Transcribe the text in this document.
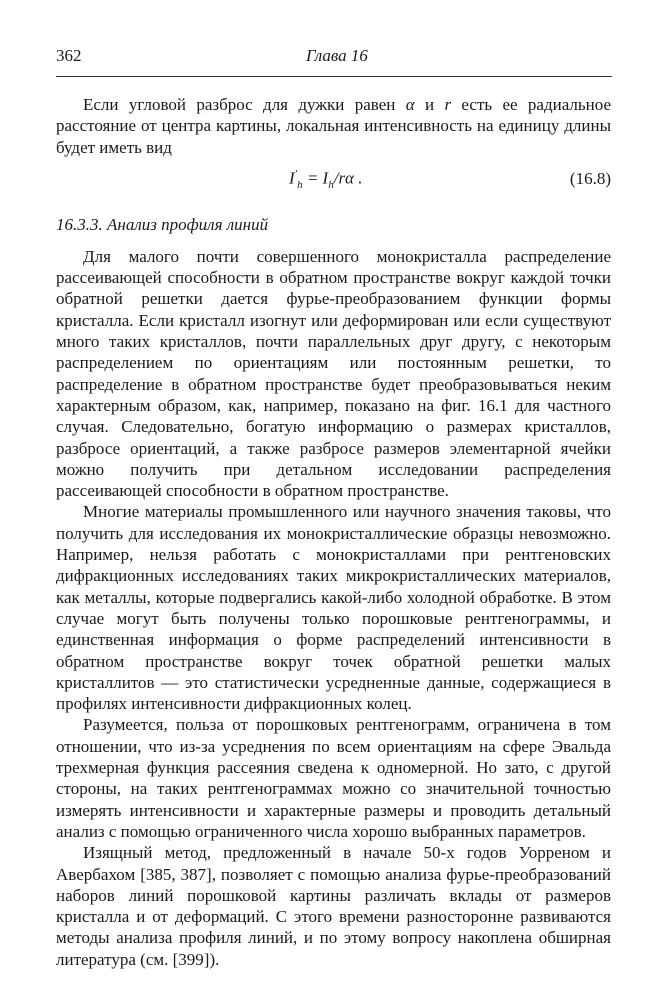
362	Глава 16

Если угловой разброс для дужки равен α и r есть ее радиальное расстояние от центра картины, локальная интенсивность на единицу длины будет иметь вид

$I'_h = I_h/r\alpha$ .	(16.8)
16.3.3. Анализ профиля линий

Для малого почти совершенного монокристалла распределение рассеивающей способности в обратном пространстве вокруг каждой точки обратной решетки дается фурье-преобразованием функции формы кристалла. Если кристалл изогнут или деформирован или если существуют много таких кристаллов, почти параллельных друг другу, с некоторым распределением по ориентациям или постоянным решетки, то распределение в обратном пространстве будет преобразовываться неким характерным образом, как, например, показано на фиг. 16.1 для частного случая. Следовательно, богатую информацию о размерах кристаллов, разбросе ориентаций, а также разбросе размеров элементарной ячейки можно получить при детальном исследовании распределения рассеивающей способности в обратном пространстве.

Многие материалы промышленного или научного значения таковы, что получить для исследования их монокристаллические образцы невозможно. Например, нельзя работать с монокристаллами при рентгеновских дифракционных исследованиях таких микрокристаллических материалов, как металлы, которые подвергались какой-либо холодной обработке. В этом случае могут быть получены только порошковые рентгенограммы, и единственная информация о форме распределений интенсивности в обратном пространстве вокруг точек обратной решетки малых кристаллитов — это статистически усредненные данные, содержащиеся в профилях интенсивности дифракционных колец.

Разумеется, польза от порошковых рентгенограмм, ограничена в том отношении, что из-за усреднения по всем ориентациям на сфере Эвальда трехмерная функция рассеяния сведена к одномерной. Но зато, с другой стороны, на таких рентгенограммах можно со значительной точностью измерять интенсивности и характерные размеры и проводить детальный анализ с помощью ограниченного числа хорошо выбранных параметров.

Изящный метод, предложенный в начале 50-х годов Уорреном и Авербахом [385, 387], позволяет с помощью анализа фурье-преобразований наборов линий порошковой картины различать вклады от размеров кристалла и от деформаций. С этого времени разносторонне развиваются методы анализа профиля линий, и по этому вопросу накоплена обширная литература (см. [399]).
